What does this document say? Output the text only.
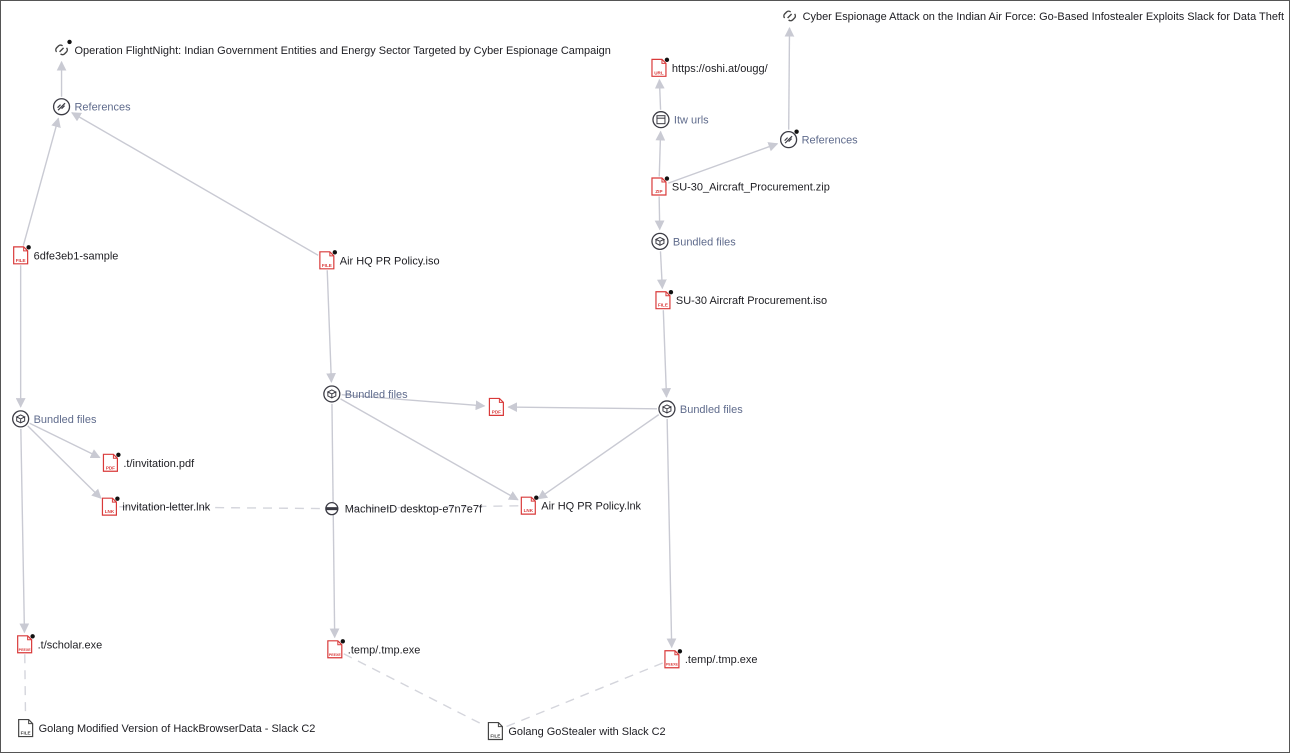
Operation FlightNight: Indian Government Entities and Energy Sector Targeted by Cyber Espionage Campaign
Cyber Espionage Attack on the Indian Air Force: Go-Based Infostealer Exploits Slack for Data Theft
References
References
URL https://oshi.at/ougg/
Itw urls
ZIP SU-30_Aircraft_Procurement.zip
Bundled files
FILE SU-30 Aircraft Procurement.iso
FILE 6dfe3eb1-sample
FILE Air HQ PR Policy.iso
Bundled files
Bundled files
Bundled files
PDF
PDF .t/invitation.pdf
LNK invitation-letter.lnk	MachineID desktop-e7n7e7f	LNK Air HQ PR Policy.lnk
PEEXE .t/scholar.exe
PEEXE .temp/.tmp.exe
PEEXE .temp/.tmp.exe
FILE Golang Modified Version of HackBrowserData - Slack C2
FILE Golang GoStealer with Slack C2
